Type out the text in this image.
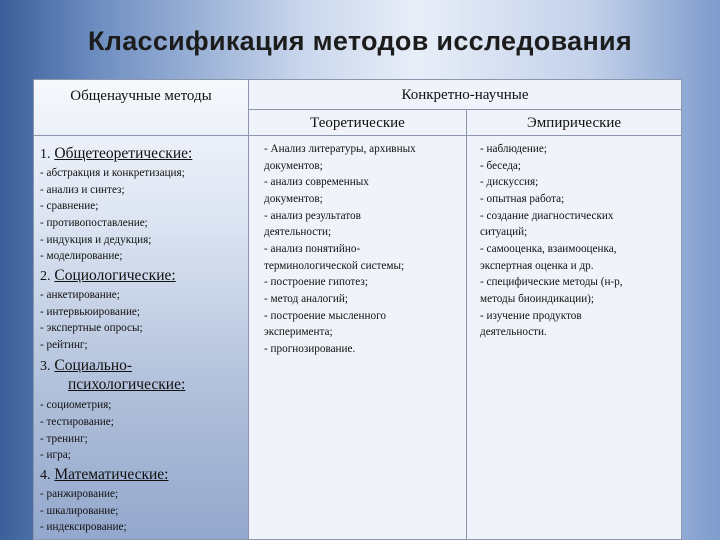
Классификация методов исследования
Общенаучные методы	Конкретно-научные
Теоретические	Эмпирические
1. Общетеоретические:
- абстракция и конкретизация;
- анализ и синтез;
- сравнение;
- противопоставление;
- индукция и дедукция;
- моделирование;
2. Социологические:
- анкетирование;
- интервьюирование;
- экспертные опросы;
- рейтинг;
3. Социально-
психологические:
- социометрия;
- тестирование;
- тренинг;
- игра;
4. Математические:
- ранжирование;
- шкалирование;
- индексирование;
- Анализ литературы, архивных
документов;
- анализ современных
документов;
- анализ результатов
деятельности;
- анализ понятийно-
терминологической системы;
- построение гипотез;
- метод аналогий;
- построение мысленного
эксперимента;
- прогнозирование.
- наблюдение;
- беседа;
- дискуссия;
- опытная работа;
- создание диагностических
ситуаций;
- самооценка, взаимооценка,
экспертная оценка и др.
- специфические методы (н-р,
методы биоиндикации);
- изучение продуктов
деятельности.
